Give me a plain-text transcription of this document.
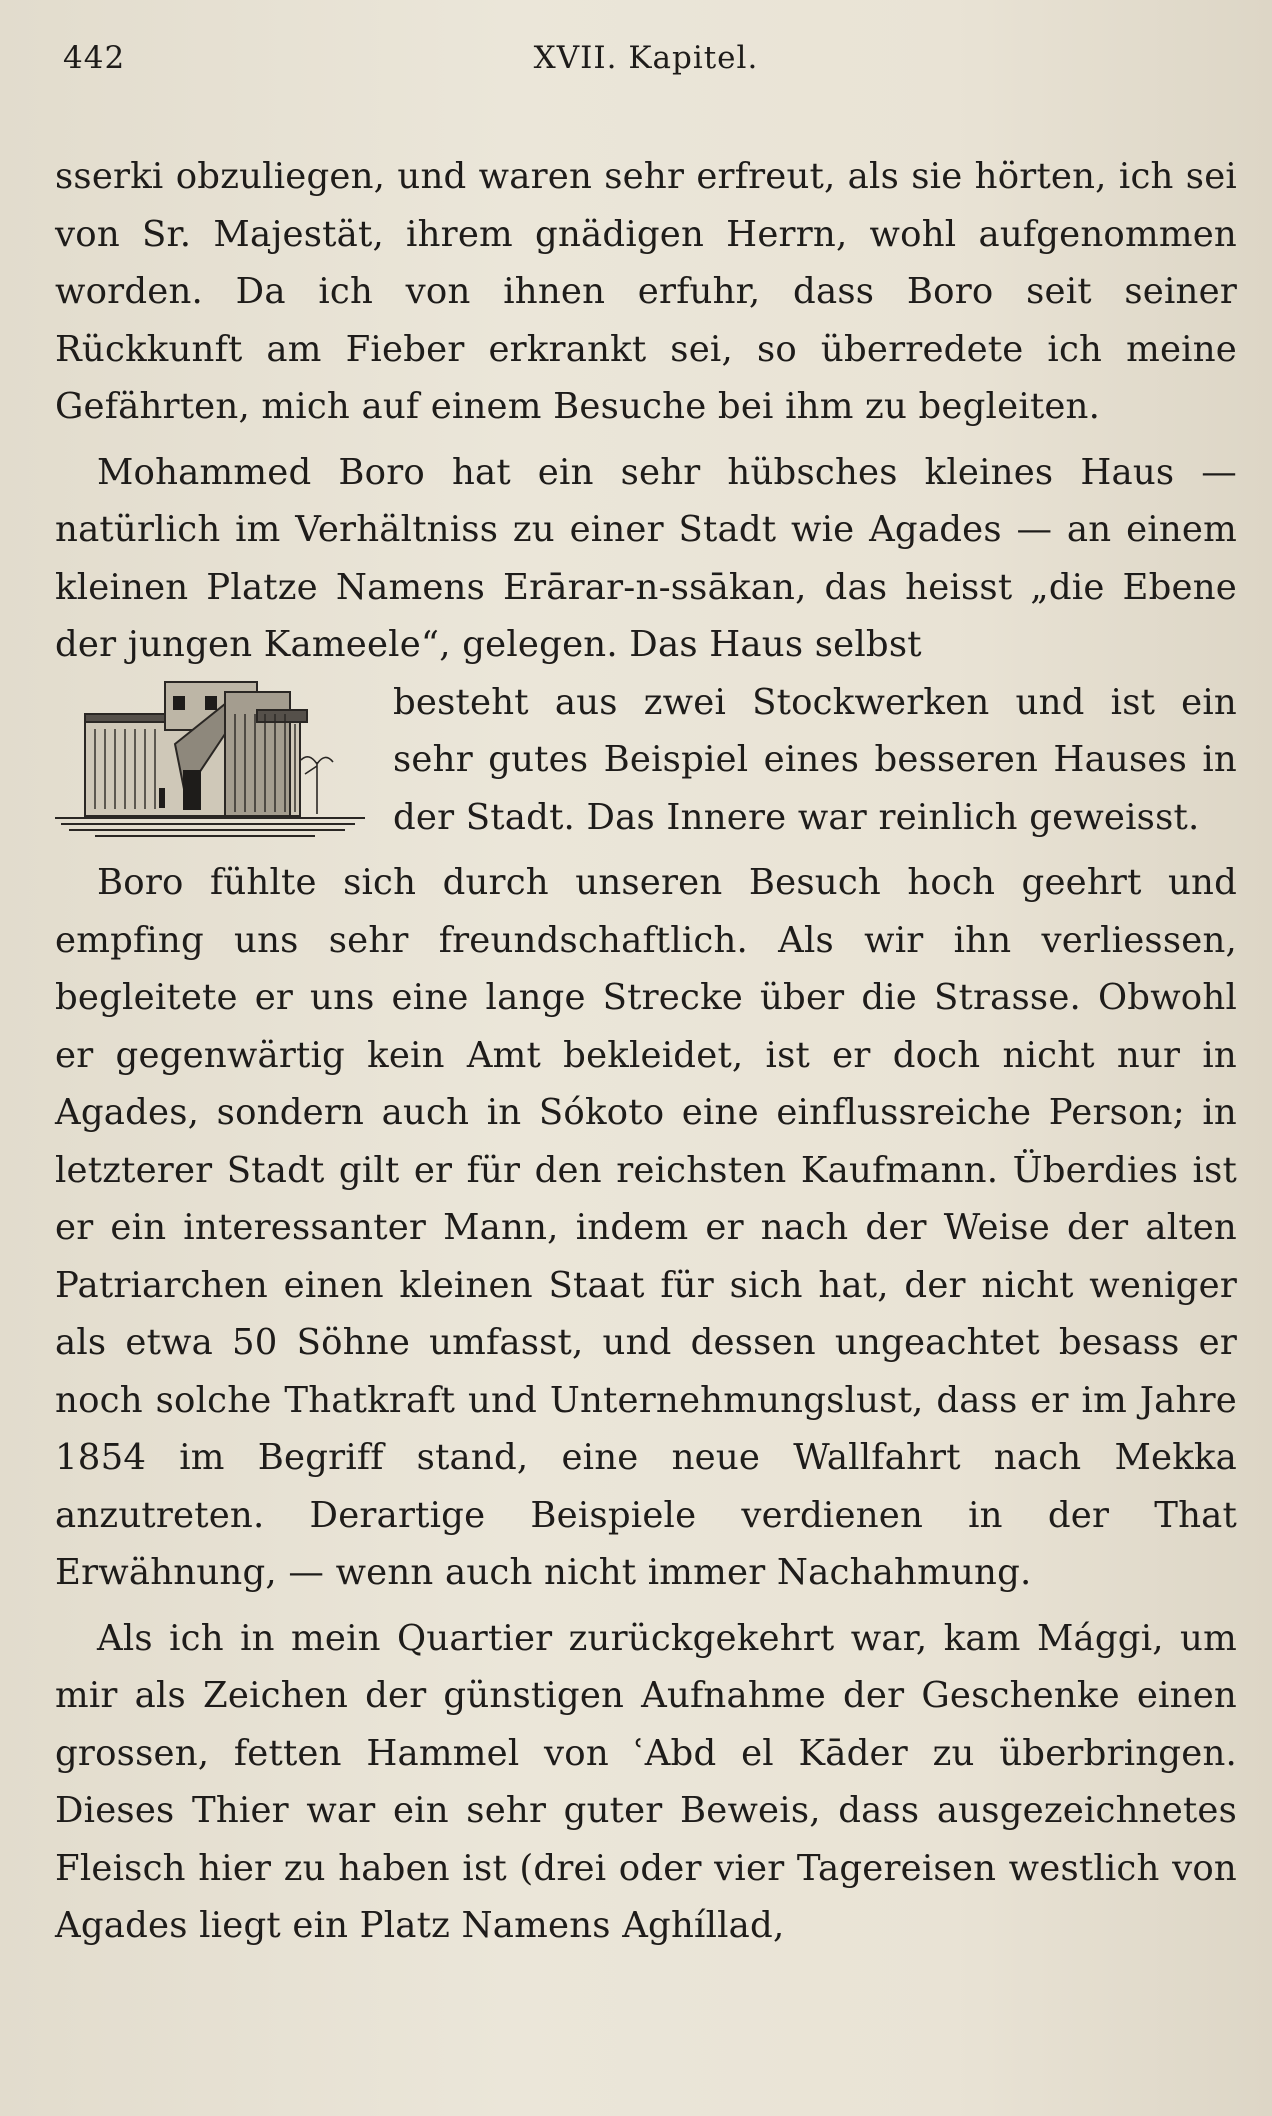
442	XVII. Kapitel.

sserki obzuliegen, und waren sehr erfreut, als sie hörten, ich sei von Sr. Majestät, ihrem gnädigen Herrn, wohl aufgenommen worden. Da ich von ihnen erfuhr, dass Boro seit seiner Rückkunft am Fieber erkrankt sei, so überredete ich meine Gefährten, mich auf einem Besuche bei ihm zu begleiten.

Mohammed Boro hat ein sehr hübsches kleines Haus — natürlich im Verhältniss zu einer Stadt wie Agades — an einem kleinen Platze Namens Erārar-n-ssākan, das heisst „die Ebene der jungen Kameele“, gelegen. Das Haus selbst

besteht aus zwei Stockwerken und ist ein sehr gutes Beispiel eines besseren Hauses in der Stadt. Das Innere war reinlich geweisst.

Boro fühlte sich durch unseren Besuch hoch geehrt und empfing uns sehr freundschaftlich. Als wir ihn verliessen, begleitete er uns eine lange Strecke über die Strasse. Obwohl er gegenwärtig kein Amt bekleidet, ist er doch nicht nur in Agades, sondern auch in Sókoto eine einflussreiche Person; in letzterer Stadt gilt er für den reichsten Kaufmann. Überdies ist er ein interessanter Mann, indem er nach der Weise der alten Patriarchen einen kleinen Staat für sich hat, der nicht weniger als etwa 50 Söhne umfasst, und dessen ungeachtet besass er noch solche Thatkraft und Unternehmungslust, dass er im Jahre 1854 im Begriff stand, eine neue Wallfahrt nach Mekka anzutreten. Derartige Beispiele verdienen in der That Erwähnung, — wenn auch nicht immer Nachahmung.

Als ich in mein Quartier zurückgekehrt war, kam Mággi, um mir als Zeichen der günstigen Aufnahme der Geschenke einen grossen, fetten Hammel von ʿAbd el Kāder zu überbringen. Dieses Thier war ein sehr guter Beweis, dass ausgezeichnetes Fleisch hier zu haben ist (drei oder vier Tagereisen westlich von Agades liegt ein Platz Namens Aghíllad,
